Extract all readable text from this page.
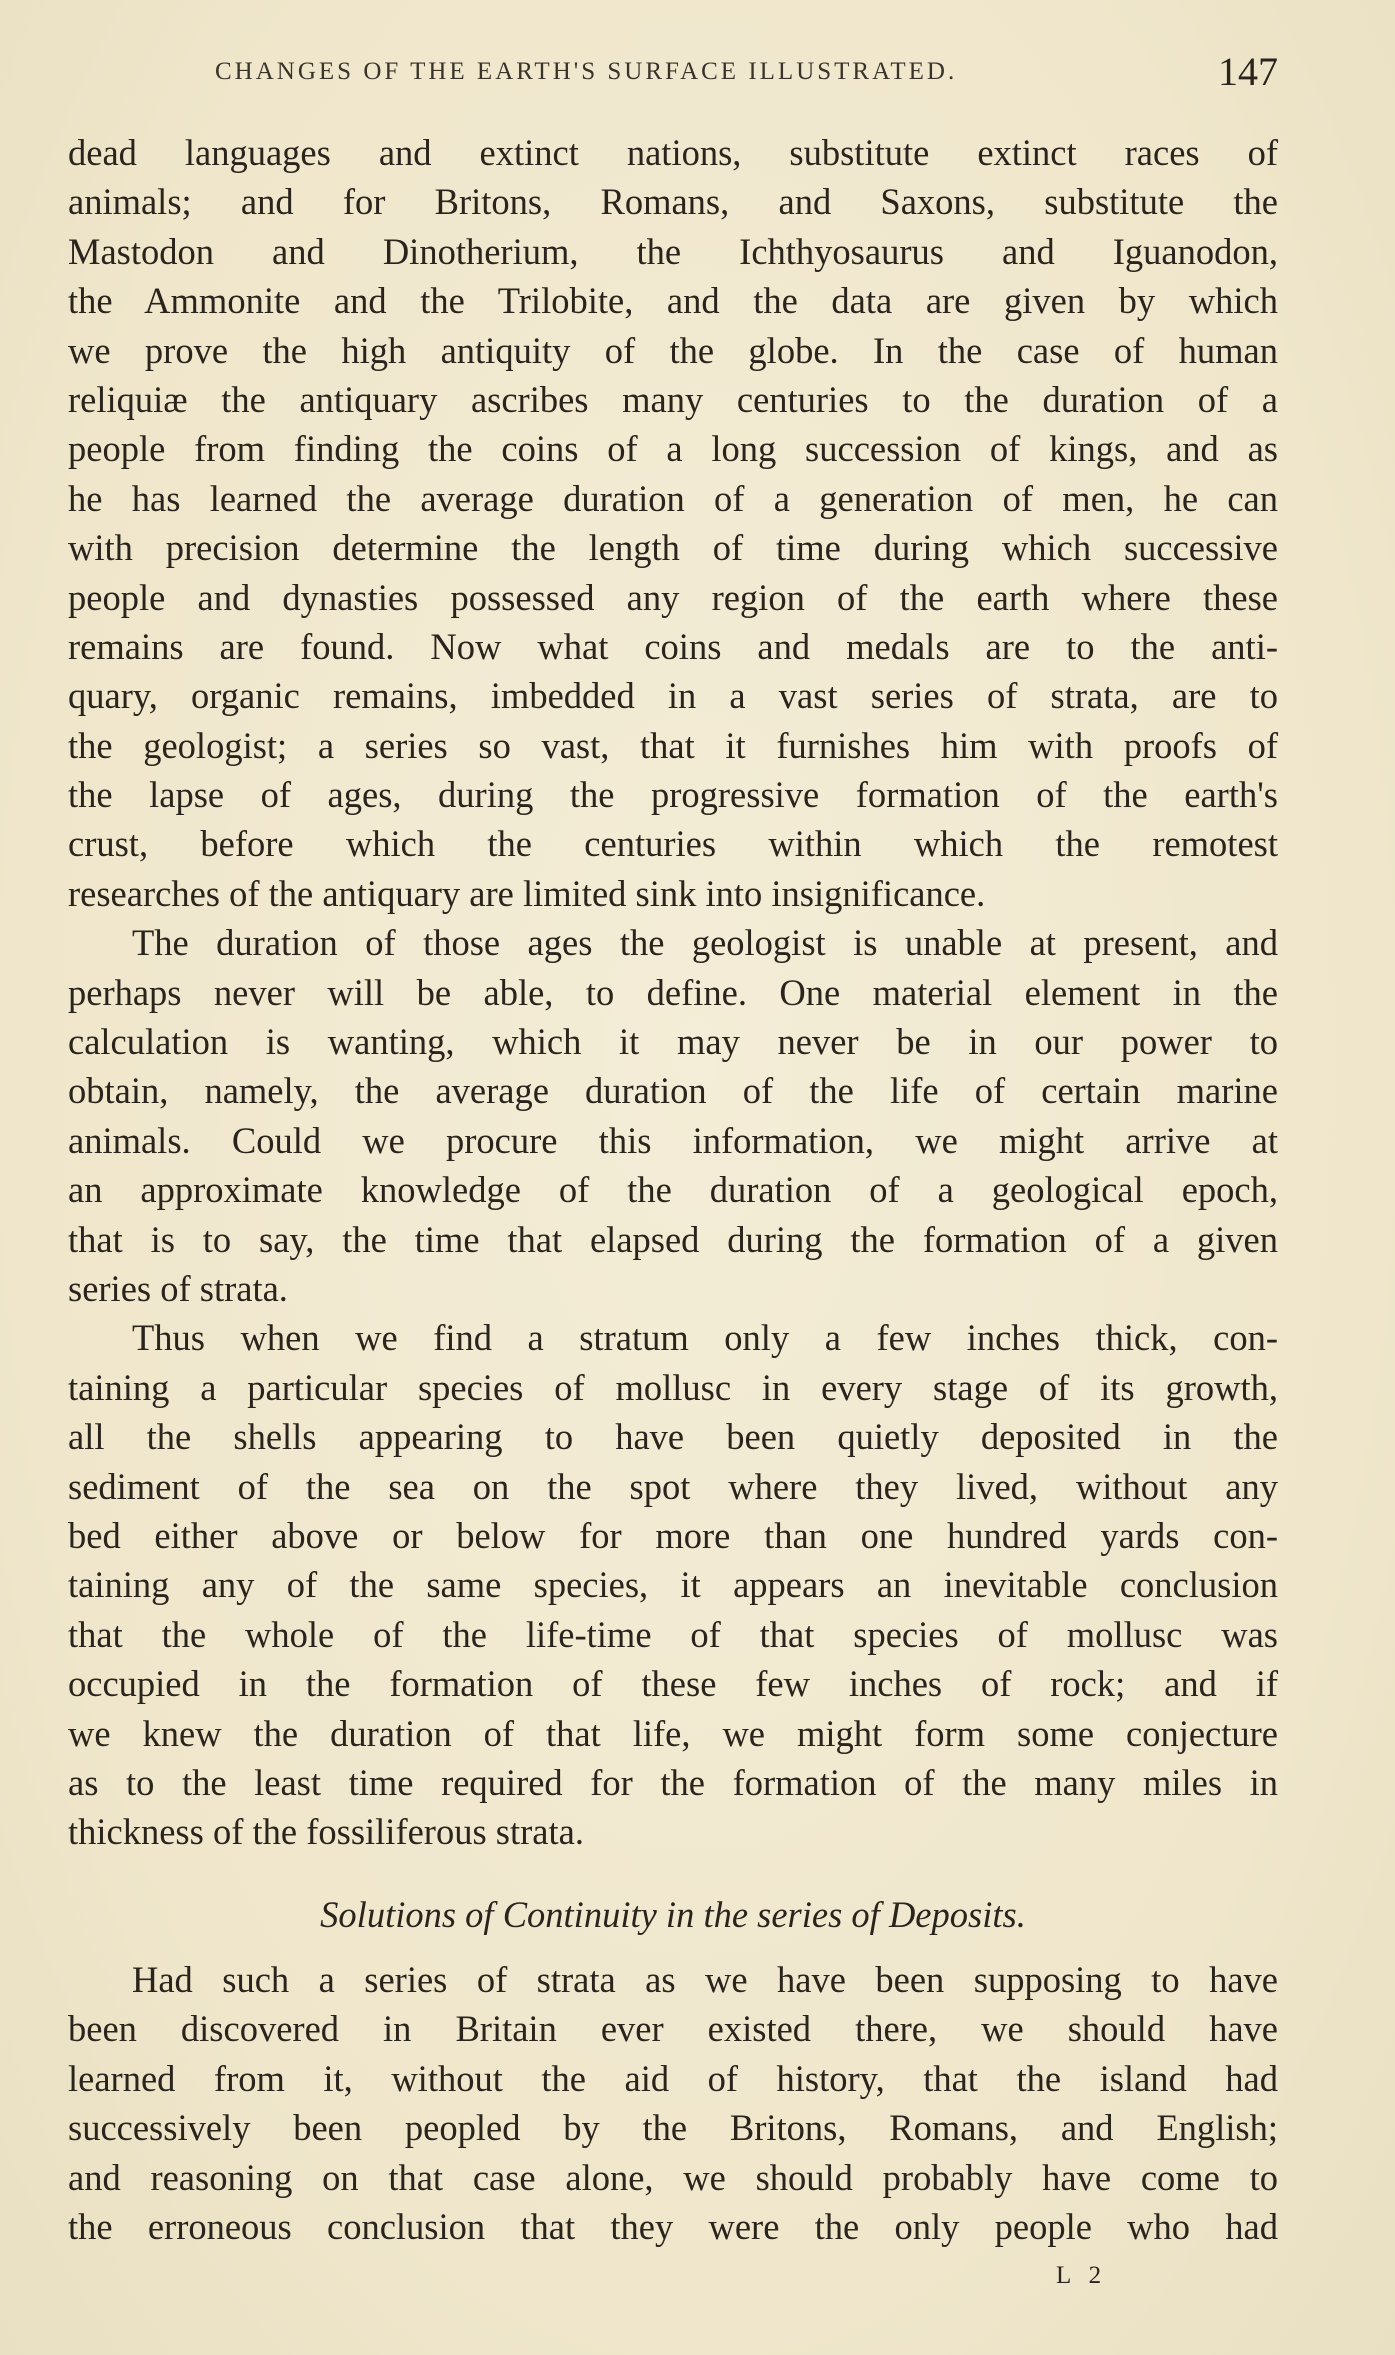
CHANGES OF THE EARTH'S SURFACE ILLUSTRATED.	147
dead languages and extinct nations, substitute extinct races of
animals; and for Britons, Romans, and Saxons, substitute the
Mastodon and Dinotherium, the Ichthyosaurus and Iguanodon,
the Ammonite and the Trilobite, and the data are given by which
we prove the high antiquity of the globe. In the case of human
reliquiæ the antiquary ascribes many centuries to the duration of a
people from finding the coins of a long succession of kings, and as
he has learned the average duration of a generation of men, he can
with precision determine the length of time during which successive
people and dynasties possessed any region of the earth where these
remains are found. Now what coins and medals are to the anti-
quary, organic remains, imbedded in a vast series of strata, are to
the geologist; a series so vast, that it furnishes him with proofs of
the lapse of ages, during the progressive formation of the earth's
crust, before which the centuries within which the remotest
researches of the antiquary are limited sink into insignificance.
The duration of those ages the geologist is unable at present, and
perhaps never will be able, to define. One material element in the
calculation is wanting, which it may never be in our power to
obtain, namely, the average duration of the life of certain marine
animals. Could we procure this information, we might arrive at
an approximate knowledge of the duration of a geological epoch,
that is to say, the time that elapsed during the formation of a given
series of strata.
Thus when we find a stratum only a few inches thick, con-
taining a particular species of mollusc in every stage of its growth,
all the shells appearing to have been quietly deposited in the
sediment of the sea on the spot where they lived, without any
bed either above or below for more than one hundred yards con-
taining any of the same species, it appears an inevitable conclusion
that the whole of the life-time of that species of mollusc was
occupied in the formation of these few inches of rock; and if
we knew the duration of that life, we might form some conjecture
as to the least time required for the formation of the many miles in
thickness of the fossiliferous strata.
Solutions of Continuity in the series of Deposits.
Had such a series of strata as we have been supposing to have
been discovered in Britain ever existed there, we should have
learned from it, without the aid of history, that the island had
successively been peopled by the Britons, Romans, and English;
and reasoning on that case alone, we should probably have come to
the erroneous conclusion that they were the only people who had
L 2
